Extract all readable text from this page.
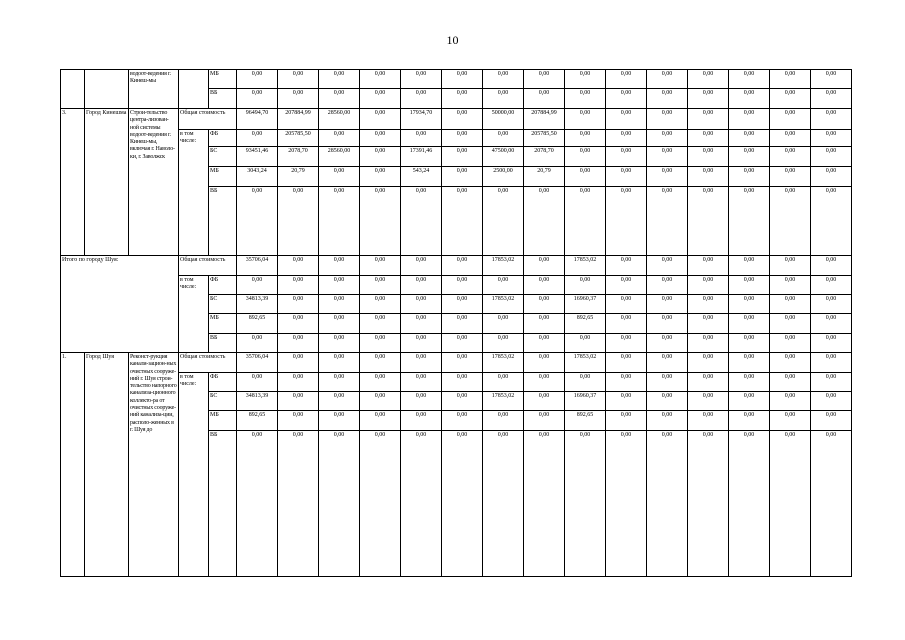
10
		водоот-ведения г. Кинеш-мы		МБ	0,00	0,00	0,00	0,00	0,00	0,00	0,00	0,00	0,00	0,00	0,00	0,00	0,00	0,00	0,00
				ВБ	0,00	0,00	0,00	0,00	0,00	0,00	0,00	0,00	0,00	0,00	0,00	0,00	0,00	0,00	0,00
3.	Город Кинешма	Строи-тельство центра-лизован-ной системы водоот-ведения г. Кинеш-мы, включая г. Наволо-ки, г. Заволжск	Общая стоимость		96494,70	207884,99	28560,00	0,00	17934,70	0,00	50000,00	207884,99	0,00	0,00	0,00	0,00	0,00	0,00	0,00
			в том числе:	ФБ	0,00	205785,50	0,00	0,00	0,00	0,00	0,00	205785,50	0,00	0,00	0,00	0,00	0,00	0,00	0,00
				БС	93451,46	2078,70	28560,00	0,00	17391,46	0,00	47500,00	2078,70	0,00	0,00	0,00	0,00	0,00	0,00	0,00
				МБ	3043,24	20,79	0,00	0,00	543,24	0,00	2500,00	20,79	0,00	0,00	0,00	0,00	0,00	0,00	0,00
				ВБ	0,00	0,00	0,00	0,00	0,00	0,00	0,00	0,00	0,00	0,00	0,00	0,00	0,00	0,00	0,00
Итого по городу Шуя:			Общая стоимость		35706,04	0,00	0,00	0,00	0,00	0,00	17853,02	0,00	17853,02	0,00	0,00	0,00	0,00	0,00	0,00
			в том числе:	ФБ	0,00	0,00	0,00	0,00	0,00	0,00	0,00	0,00	0,00	0,00	0,00	0,00	0,00	0,00	0,00
				БС	34813,39	0,00	0,00	0,00	0,00	0,00	17853,02	0,00	16960,37	0,00	0,00	0,00	0,00	0,00	0,00
				МБ	892,65	0,00	0,00	0,00	0,00	0,00	0,00	0,00	892,65	0,00	0,00	0,00	0,00	0,00	0,00
				ВБ	0,00	0,00	0,00	0,00	0,00	0,00	0,00	0,00	0,00	0,00	0,00	0,00	0,00	0,00	0,00
1.	Город Шуя	Реконст-рукция канали-зацион-ных очистных сооруже-ний г. Шуя строи-тельство напорного канализа-ционного коллекто-ра от очистных сооруже-ний канализа-ции, располо-женных в г. Шуя до	Общая стоимость		35706,04	0,00	0,00	0,00	0,00	0,00	17853,02	0,00	17853,02	0,00	0,00	0,00	0,00	0,00	0,00
			в том числе:	ФБ	0,00	0,00	0,00	0,00	0,00	0,00	0,00	0,00	0,00	0,00	0,00	0,00	0,00	0,00	0,00
				БС	34813,39	0,00	0,00	0,00	0,00	0,00	17853,02	0,00	16960,37	0,00	0,00	0,00	0,00	0,00	0,00
				МБ	892,65	0,00	0,00	0,00	0,00	0,00	0,00	0,00	892,65	0,00	0,00	0,00	0,00	0,00	0,00
				ВБ	0,00	0,00	0,00	0,00	0,00	0,00	0,00	0,00	0,00	0,00	0,00	0,00	0,00	0,00	0,00
